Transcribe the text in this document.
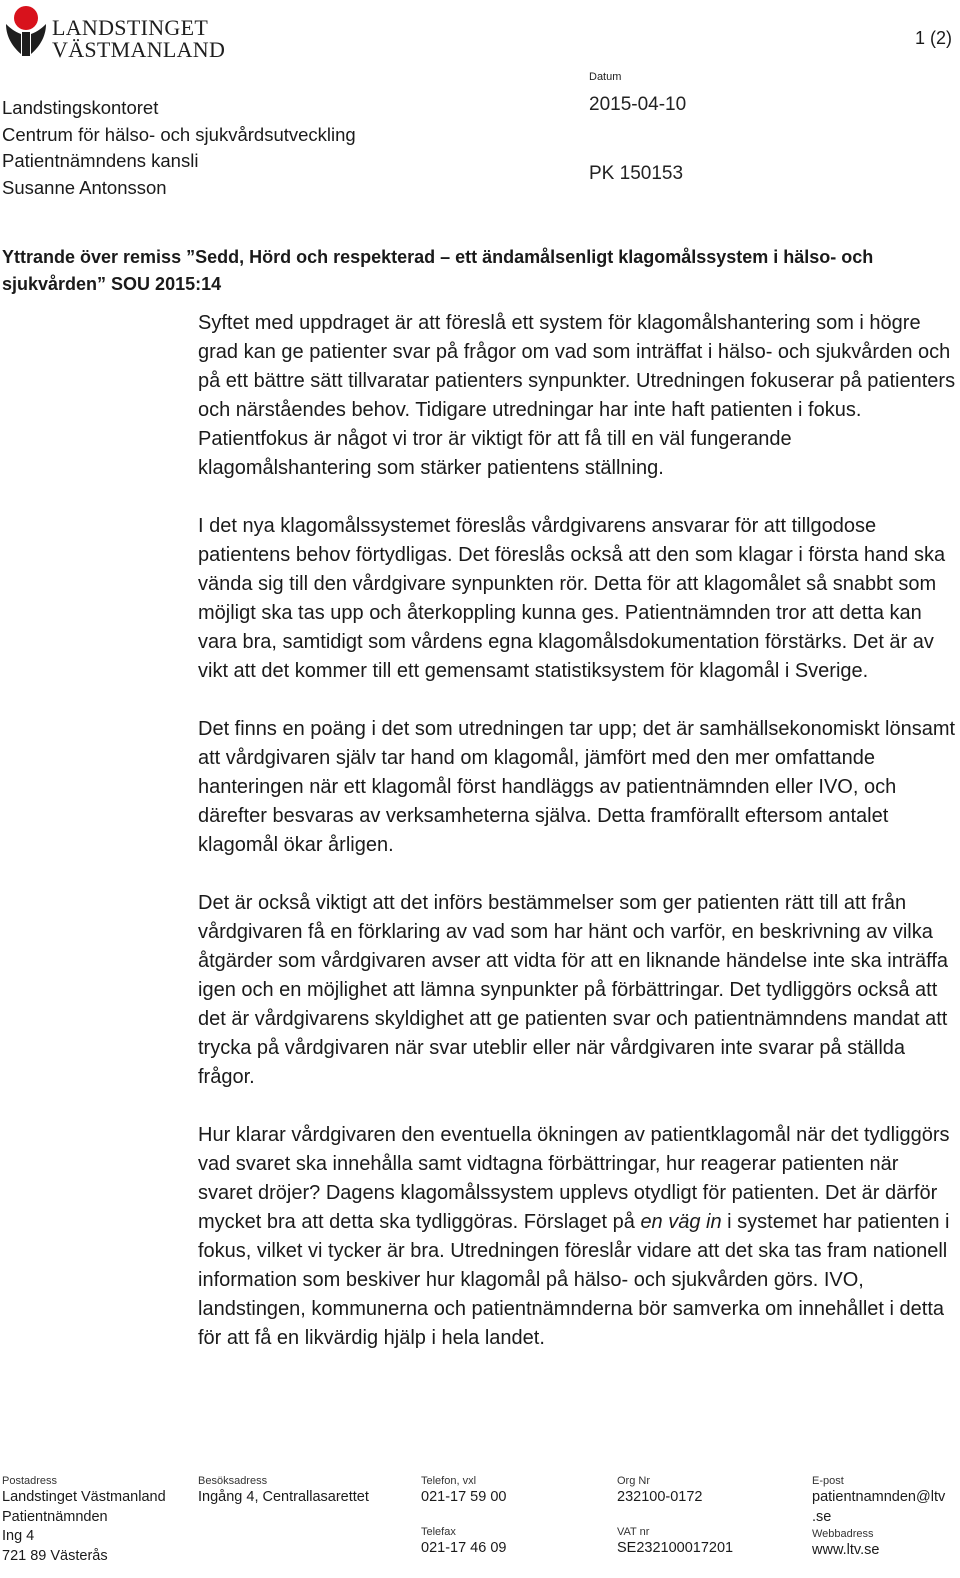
LANDSTINGET
VÄSTMANLAND	1 (2)
Datum
2015-04-10
PK 150153
Landstingskontoret
Centrum för hälso- och sjukvårdsutveckling
Patientnämndens kansli
Susanne Antonsson
Yttrande över remiss ”Sedd, Hörd och respekterad – ett ändamålsenligt klagomålssystem i hälso- och sjukvården” SOU 2015:14

Syftet med uppdraget är att föreslå ett system för klagomålshantering som i högre grad kan ge patienter svar på frågor om vad som inträffat i hälso- och sjukvården och på ett bättre sätt tillvaratar patienters synpunkter. Utredningen fokuserar på patienters och närståendes behov. Tidigare utredningar har inte haft patienten i fokus. Patientfokus är något vi tror är viktigt för att få till en väl fungerande klagomålshantering som stärker patientens ställning.

I det nya klagomålssystemet föreslås vårdgivarens ansvarar för att tillgodose patientens behov förtydligas. Det föreslås också att den som klagar i första hand ska vända sig till den vårdgivare synpunkten rör. Detta för att klagomålet så snabbt som möjligt ska tas upp och återkoppling kunna ges. Patientnämnden tror att detta kan vara bra, samtidigt som vårdens egna klagomålsdokumentation förstärks. Det är av vikt att det kommer till ett gemensamt statistiksystem för klagomål i Sverige.

Det finns en poäng i det som utredningen tar upp; det är samhällsekonomiskt lönsamt att vårdgivaren själv tar hand om klagomål, jämfört med den mer omfattande hanteringen när ett klagomål först handläggs av patientnämnden eller IVO, och därefter besvaras av verksamheterna själva. Detta framförallt eftersom antalet klagomål ökar årligen.

Det är också viktigt att det införs bestämmelser som ger patienten rätt till att från vårdgivaren få en förklaring av vad som har hänt och varför, en beskrivning av vilka åtgärder som vårdgivaren avser att vidta för att en liknande händelse inte ska inträffa igen och en möjlighet att lämna synpunkter på förbättringar. Det tydliggörs också att det är vårdgivarens skyldighet att ge patienten svar och patientnämndens mandat att trycka på vårdgivaren när svar uteblir eller när vårdgivaren inte svarar på ställda frågor.

Hur klarar vårdgivaren den eventuella ökningen av patientklagomål när det tydliggörs vad svaret ska innehålla samt vidtagna förbättringar, hur reagerar patienten när svaret dröjer? Dagens klagomålssystem upplevs otydligt för patienten. Det är därför mycket bra att detta ska tydliggöras. Förslaget på en väg in i systemet har patienten i fokus, vilket vi tycker är bra. Utredningen föreslår vidare att det ska tas fram nationell information som beskiver hur klagomål på hälso- och sjukvården görs. IVO, landstingen, kommunerna och patientnämnderna bör samverka om innehållet i detta för att få en likvärdig hjälp i hela landet.

Postadress
Landstinget Västmanland
Patientnämnden
Ing 4
721 89 Västerås
Besöksadress
Ingång 4, Centrallasarettet
Telefon, vxl
021-17 59 00
Telefax
021-17 46 09
Org Nr
232100-0172
VAT nr
SE232100017201
E-post
patientnamnden@ltv
.se
Webbadress
www.ltv.se
